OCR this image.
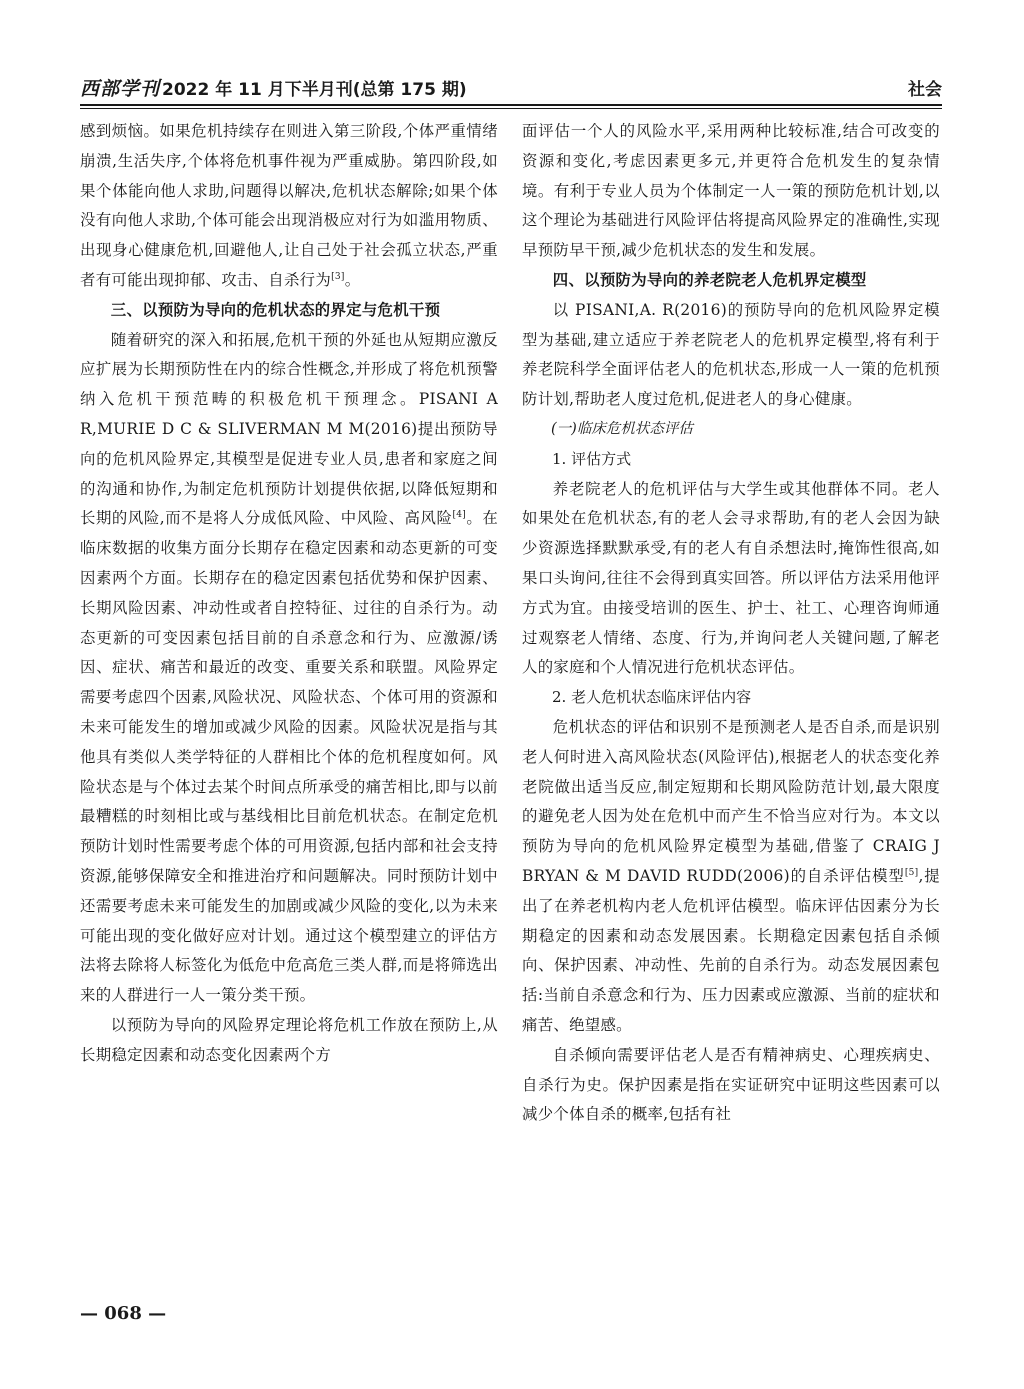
西部学刊 2022 年 11 月下半月刊(总第 175 期)	社会

感到烦恼。如果危机持续存在则进入第三阶段,个体严重情绪崩溃,生活失序,个体将危机事件视为严重威胁。第四阶段,如果个体能向他人求助,问题得以解决,危机状态解除;如果个体没有向他人求助,个体可能会出现消极应对行为如滥用物质、出现身心健康危机,回避他人,让自己处于社会孤立状态,严重者有可能出现抑郁、攻击、自杀行为[3]。

三、以预防为导向的危机状态的界定与危机干预

随着研究的深入和拓展,危机干预的外延也从短期应激反应扩展为长期预防性在内的综合性概念,并形成了将危机预警纳入危机干预范畴的积极危机干预理念。PISANI A R,MURIE D C & SLIVERMAN M M(2016)提出预防导向的危机风险界定,其模型是促进专业人员,患者和家庭之间的沟通和协作,为制定危机预防计划提供依据,以降低短期和长期的风险,而不是将人分成低风险、中风险、高风险[4]。在临床数据的收集方面分长期存在稳定因素和动态更新的可变因素两个方面。长期存在的稳定因素包括优势和保护因素、长期风险因素、冲动性或者自控特征、过往的自杀行为。动态更新的可变因素包括目前的自杀意念和行为、应激源/诱因、症状、痛苦和最近的改变、重要关系和联盟。风险界定需要考虑四个因素,风险状况、风险状态、个体可用的资源和未来可能发生的增加或减少风险的因素。风险状况是指与其他具有类似人类学特征的人群相比个体的危机程度如何。风险状态是与个体过去某个时间点所承受的痛苦相比,即与以前最糟糕的时刻相比或与基线相比目前危机状态。在制定危机预防计划时性需要考虑个体的可用资源,包括内部和社会支持资源,能够保障安全和推进治疗和问题解决。同时预防计划中还需要考虑未来可能发生的加剧或减少风险的变化,以为未来可能出现的变化做好应对计划。通过这个模型建立的评估方法将去除将人标签化为低危中危高危三类人群,而是将筛选出来的人群进行一人一策分类干预。

以预防为导向的风险界定理论将危机工作放在预防上,从长期稳定因素和动态变化因素两个方

面评估一个人的风险水平,采用两种比较标准,结合可改变的资源和变化,考虑因素更多元,并更符合危机发生的复杂情境。有利于专业人员为个体制定一人一策的预防危机计划,以这个理论为基础进行风险评估将提高风险界定的准确性,实现早预防早干预,减少危机状态的发生和发展。

四、以预防为导向的养老院老人危机界定模型

以 PISANI,A. R(2016)的预防导向的危机风险界定模型为基础,建立适应于养老院老人的危机界定模型,将有利于养老院科学全面评估老人的危机状态,形成一人一策的危机预防计划,帮助老人度过危机,促进老人的身心健康。

(一)临床危机状态评估

1. 评估方式

养老院老人的危机评估与大学生或其他群体不同。老人如果处在危机状态,有的老人会寻求帮助,有的老人会因为缺少资源选择默默承受,有的老人有自杀想法时,掩饰性很高,如果口头询问,往往不会得到真实回答。所以评估方法采用他评方式为宜。由接受培训的医生、护士、社工、心理咨询师通过观察老人情绪、态度、行为,并询问老人关键问题,了解老人的家庭和个人情况进行危机状态评估。

2. 老人危机状态临床评估内容

危机状态的评估和识别不是预测老人是否自杀,而是识别老人何时进入高风险状态(风险评估),根据老人的状态变化养老院做出适当反应,制定短期和长期风险防范计划,最大限度的避免老人因为处在危机中而产生不恰当应对行为。本文以预防为导向的危机风险界定模型为基础,借鉴了 CRAIG J BRYAN & M DAVID RUDD(2006)的自杀评估模型[5],提出了在养老机构内老人危机评估模型。临床评估因素分为长期稳定的因素和动态发展因素。长期稳定因素包括自杀倾向、保护因素、冲动性、先前的自杀行为。动态发展因素包括:当前自杀意念和行为、压力因素或应激源、当前的症状和痛苦、绝望感。

自杀倾向需要评估老人是否有精神病史、心理疾病史、自杀行为史。保护因素是指在实证研究中证明这些因素可以减少个体自杀的概率,包括有社

— 068 —
